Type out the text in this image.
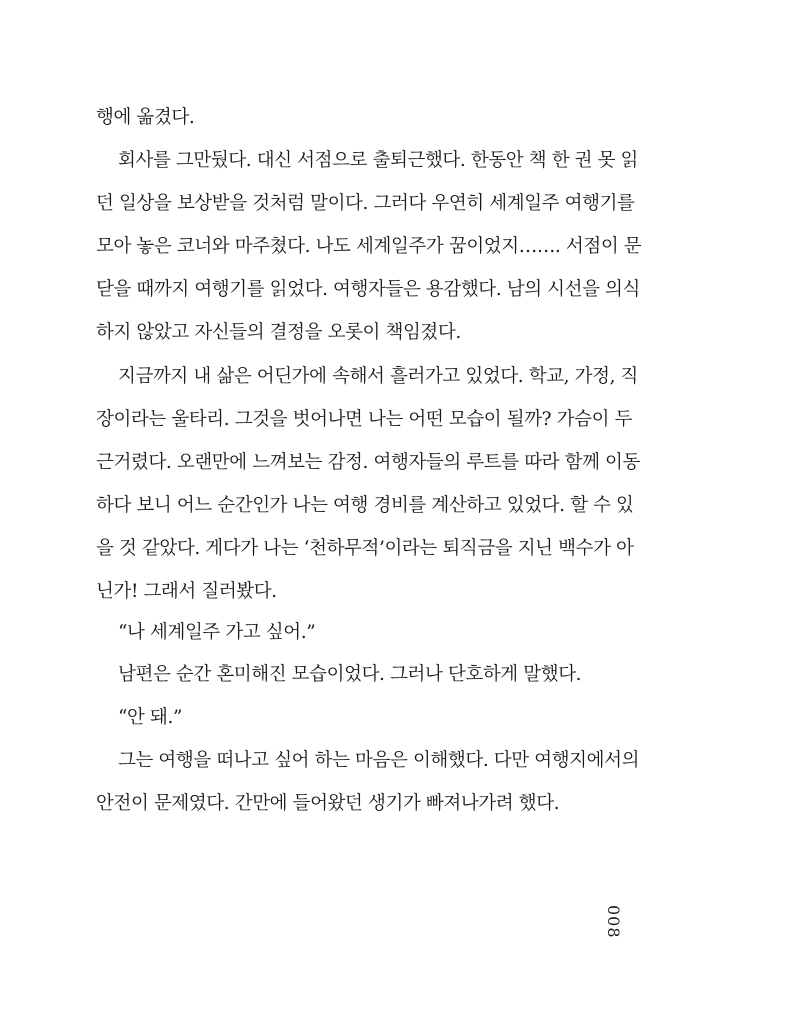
행에 옮겼다.
회사를 그만뒀다. 대신 서점으로 출퇴근했다. 한동안 책 한 권 못 읽
던 일상을 보상받을 것처럼 말이다. 그러다 우연히 세계일주 여행기를
모아 놓은 코너와 마주쳤다. 나도 세계일주가 꿈이었지……. 서점이 문
닫을 때까지 여행기를 읽었다. 여행자들은 용감했다. 남의 시선을 의식
하지 않았고 자신들의 결정을 오롯이 책임졌다.
지금까지 내 삶은 어딘가에 속해서 흘러가고 있었다. 학교, 가정, 직
장이라는 울타리. 그것을 벗어나면 나는 어떤 모습이 될까? 가슴이 두
근거렸다. 오랜만에 느껴보는 감정. 여행자들의 루트를 따라 함께 이동
하다 보니 어느 순간인가 나는 여행 경비를 계산하고 있었다. 할 수 있
을 것 같았다. 게다가 나는 ‘천하무적’이라는 퇴직금을 지닌 백수가 아
닌가! 그래서 질러봤다.
“나 세계일주 가고 싶어.”
남편은 순간 혼미해진 모습이었다. 그러나 단호하게 말했다.
“안 돼.”
그는 여행을 떠나고 싶어 하는 마음은 이해했다. 다만 여행지에서의
안전이 문제였다. 간만에 들어왔던 생기가 빠져나가려 했다.
008
